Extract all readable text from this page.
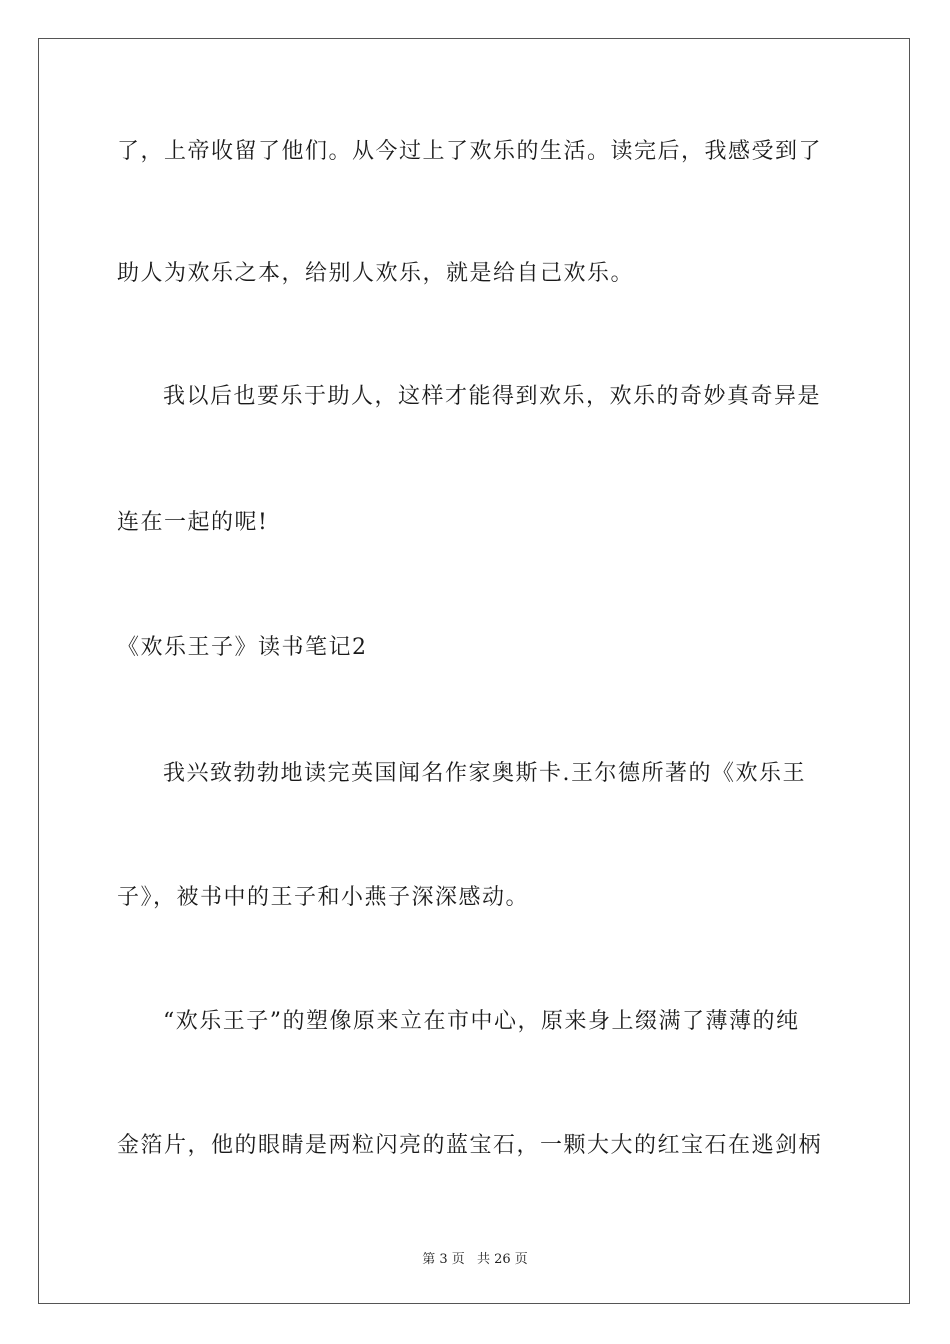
了，上帝收留了他们。从今过上了欢乐的生活。读完后，我感受到了
助人为欢乐之本，给别人欢乐，就是给自己欢乐。
我以后也要乐于助人，这样才能得到欢乐，欢乐的奇妙真奇异是
连在一起的呢!
《欢乐王子》读书笔记2
我兴致勃勃地读完英国闻名作家奥斯卡.王尔德所著的《欢乐王
子》，被书中的王子和小燕子深深感动。
“欢乐王子”的塑像原来立在市中心，原来身上缀满了薄薄的纯
金箔片，他的眼睛是两粒闪亮的蓝宝石，一颗大大的红宝石在逃剑柄
第 3 页 共 26 页
